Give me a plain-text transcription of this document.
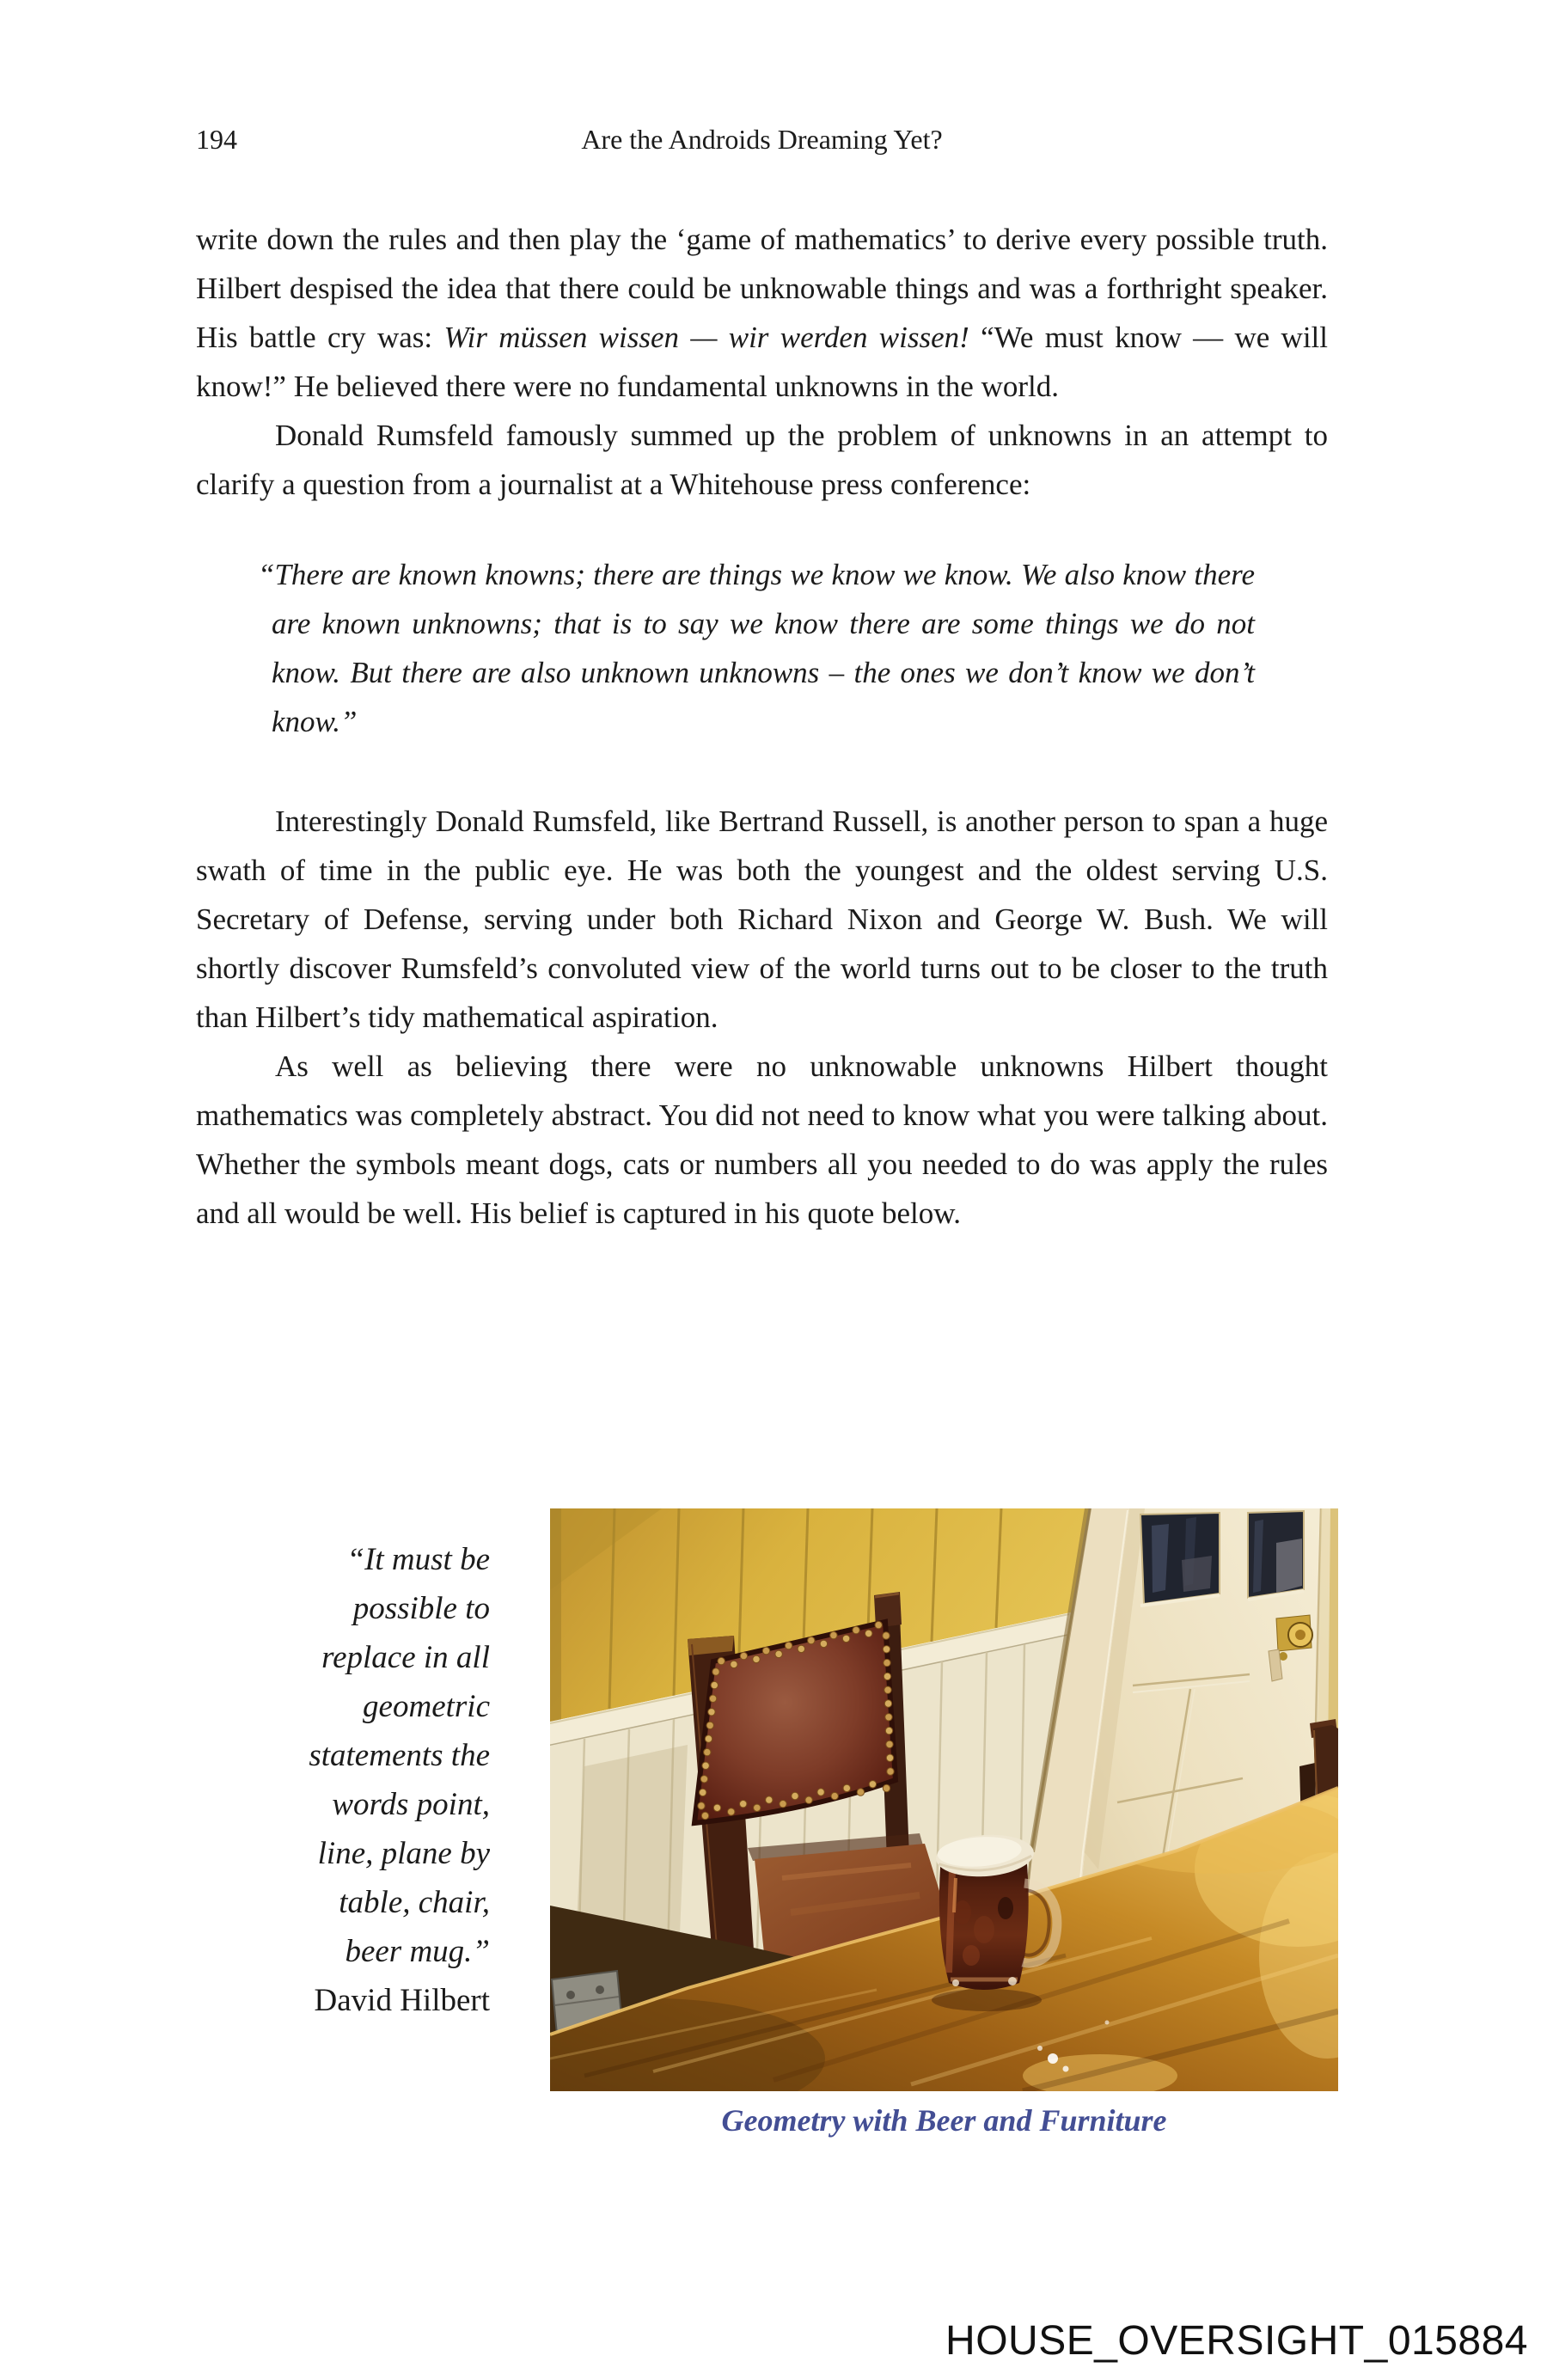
194	Are the Androids Dreaming Yet?

write down the rules and then play the ‘game of mathematics’ to derive every possible truth. Hilbert despised the idea that there could be unknowable things and was a forthright speaker. His battle cry was: Wir müssen wissen — wir werden wissen! “We must know — we will know!” He believed there were no fundamental unknowns in the world.

Donald Rumsfeld famously summed up the problem of unknowns in an attempt to clarify a question from a journalist at a Whitehouse press conference:

“There are known knowns; there are things we know we know. We also know there are known unknowns; that is to say we know there are some things we do not know. But there are also unknown unknowns – the ones we don’t know we don’t know.”

Interestingly Donald Rumsfeld, like Bertrand Russell, is another person to span a huge swath of time in the public eye. He was both the youngest and the oldest serving U.S. Secretary of Defense, serving under both Richard Nixon and George W. Bush. We will shortly discover Rumsfeld’s convoluted view of the world turns out to be closer to the truth than Hilbert’s tidy mathematical aspiration.

As well as believing there were no unknowable unknowns Hilbert thought mathematics was completely abstract. You did not need to know what you were talking about. Whether the symbols meant dogs, cats or numbers all you needed to do was apply the rules and all would be well. His belief is captured in his quote below.

“It must be
possible to
replace in all
geometric
statements the
words point,
line, plane by
table, chair,
beer mug.”
David Hilbert
Geometry with Beer and Furniture
HOUSE_OVERSIGHT_015884
